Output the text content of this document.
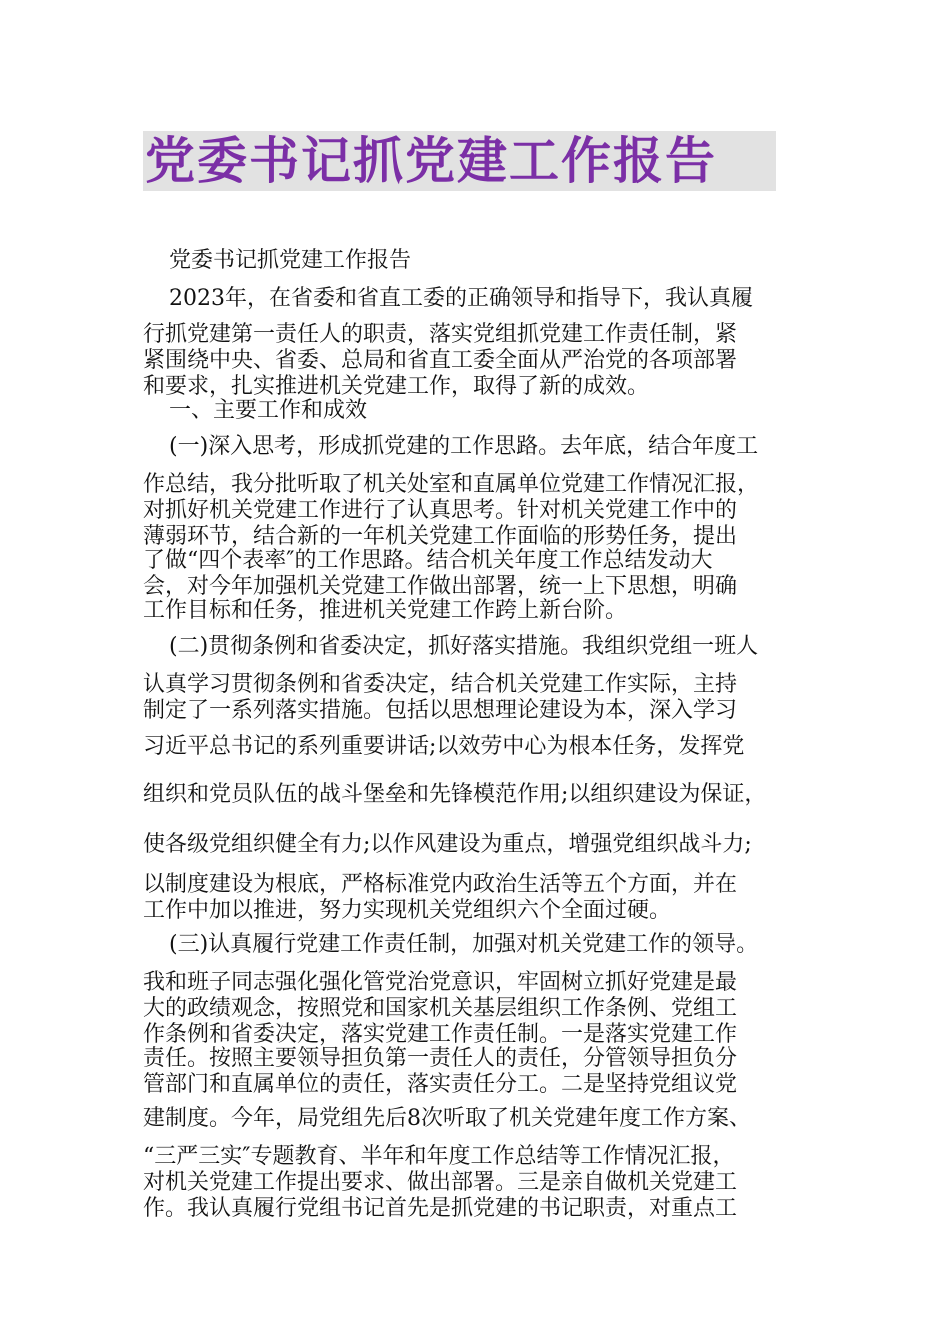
党委书记抓党建工作报告
党委书记抓党建工作报告
2023年，在省委和省直工委的正确领导和指导下，我认真履
行抓党建第一责任人的职责，落实党组抓党建工作责任制，紧
紧围绕中央、省委、总局和省直工委全面从严治党的各项部署
和要求，扎实推进机关党建工作，取得了新的成效。
一、主要工作和成效
(一)深入思考，形成抓党建的工作思路。去年底，结合年度工
作总结，我分批听取了机关处室和直属单位党建工作情况汇报，
对抓好机关党建工作进行了认真思考。针对机关党建工作中的
薄弱环节，结合新的一年机关党建工作面临的形势任务，提出
了做“四个表率″的工作思路。结合机关年度工作总结发动大
会，对今年加强机关党建工作做出部署，统一上下思想，明确
工作目标和任务，推进机关党建工作跨上新台阶。
(二)贯彻条例和省委决定，抓好落实措施。我组织党组一班人
认真学习贯彻条例和省委决定，结合机关党建工作实际，主持
制定了一系列落实措施。包括以思想理论建设为本，深入学习
习近平总书记的系列重要讲话;以效劳中心为根本任务，发挥党
组织和党员队伍的战斗堡垒和先锋模范作用;以组织建设为保证，
使各级党组织健全有力;以作风建设为重点，增强党组织战斗力;
以制度建设为根底，严格标准党内政治生活等五个方面，并在
工作中加以推进，努力实现机关党组织六个全面过硬。
(三)认真履行党建工作责任制，加强对机关党建工作的领导。
我和班子同志强化强化管党治党意识，牢固树立抓好党建是最
大的政绩观念，按照党和国家机关基层组织工作条例、党组工
作条例和省委决定，落实党建工作责任制。一是落实党建工作
责任。按照主要领导担负第一责任人的责任，分管领导担负分
管部门和直属单位的责任，落实责任分工。二是坚持党组议党
建制度。今年，局党组先后8次听取了机关党建年度工作方案、
“三严三实″专题教育、半年和年度工作总结等工作情况汇报，
对机关党建工作提出要求、做出部署。三是亲自做机关党建工
作。我认真履行党组书记首先是抓党建的书记职责，对重点工
